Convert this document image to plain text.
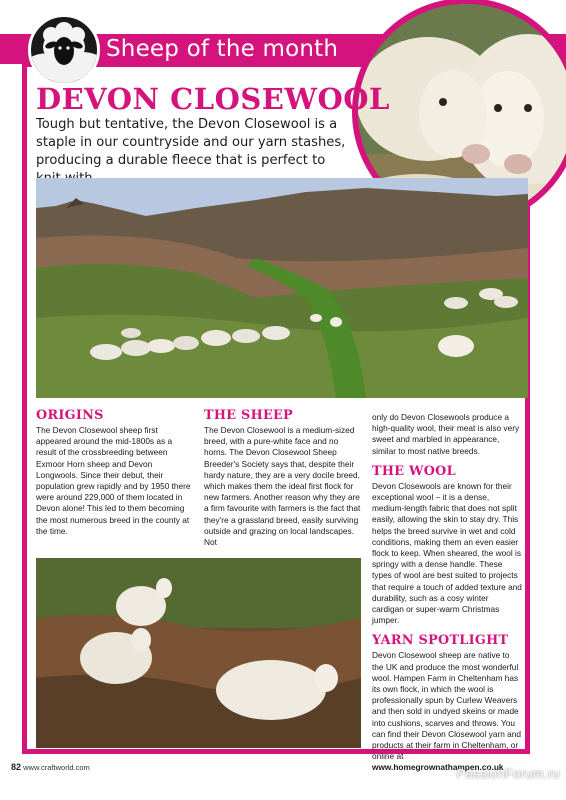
Sheep of the month
DEVON CLOSEWOOL
Tough but tentative, the Devon Closewool is a staple in our countryside and our yarn stashes, producing a durable fleece that is perfect to
ORIGINS

The Devon Closewool sheep first appeared around the mid-1800s as a result of the crossbreeding between Exmoor Horn sheep and Devon Longwools. Since their debut, their population grew rapidly and by 1950 there were around 229,000 of them located in Devon alone! This led to them becoming the most numerous breed in the county at the time.

THE SHEEP

The Devon Closewool is a medium-sized breed, with a pure-white face and no horns. The Devon Closewool Sheep Breeder's Society says that, despite their hardy nature, they are a very docile breed, which makes them the ideal first flock for new farmers. Another reason why they are a firm favourite with farmers is the fact that they're a grassland breed, easily surviving outside and grazing on local landscapes. Not

only do Devon Closewools produce a high-quality wool, their meat is also very sweet and marbled in appearance, similar to most native breeds.

THE WOOL

Devon Closewools are known for their exceptional wool – it is a dense, medium-length fabric that does not split easily, allowing the skin to stay dry. This helps the breed survive in wet and cold conditions, making them an even easier flock to keep. When sheared, the wool is springy with a dense handle. These types of wool are best suited to projects that require a touch of added texture and durability, such as a cosy winter cardigan or super-warm Christmas jumper.

YARN SPOTLIGHT

Devon Closewool sheep are native to the UK and produce the most wonderful wool. Hampen Farm in Cheltenham has its own flock, in which the wool is professionally spun by Curlew Weavers and then sold in undyed skeins or made into cushions, scarves and throws. You can find their Devon Closewool yarn and products at their farm in Cheltenham, or online at www.homegrownathampen.co.uk

82 www.craftworld.com	PassionForum.ru
